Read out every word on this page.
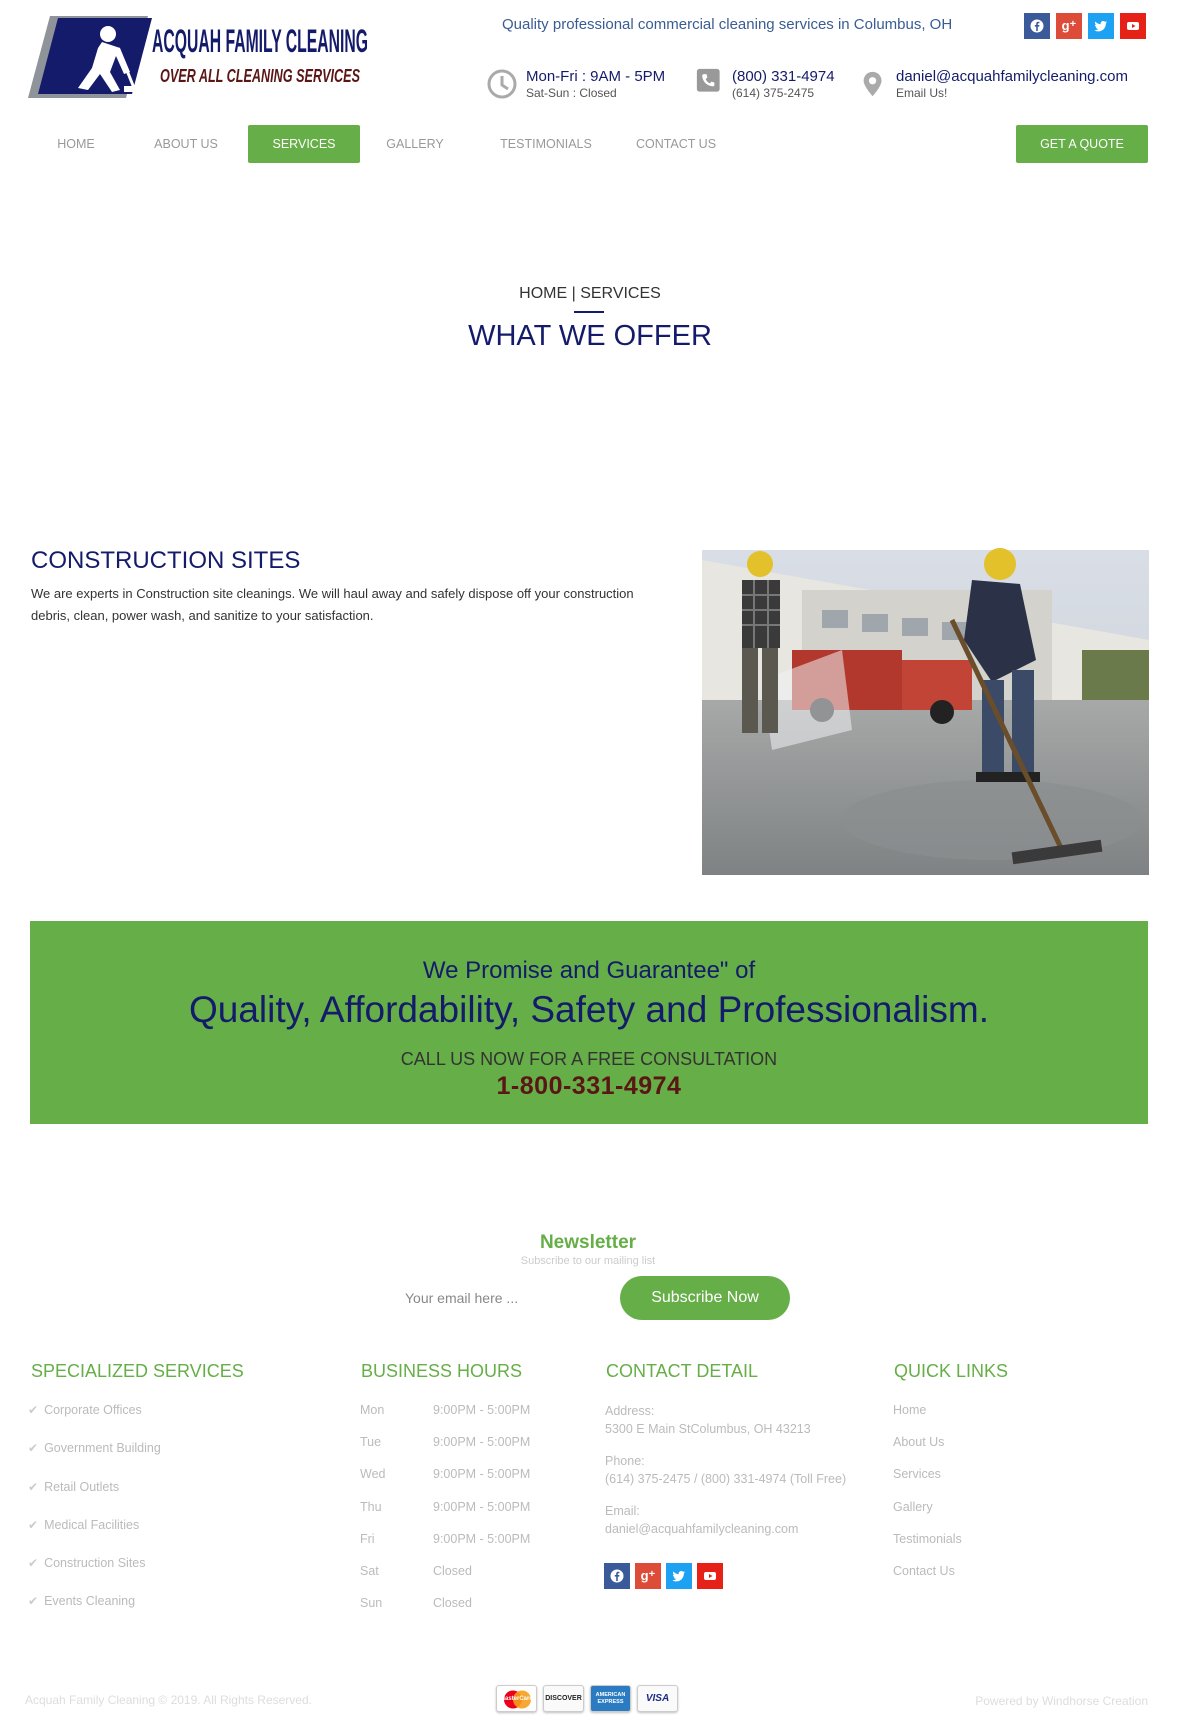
ACQUAH FAMILY CLEANING
OVER ALL CLEANING SERVICES
Quality professional commercial cleaning services in Columbus, OH	g⁺
Mon-Fri : 9AM - 5PM
Sat-Sun : Closed
(800) 331-4974
(614) 375-2475
daniel@acquahfamilycleaning.com
Email Us!
HOME	ABOUT US	SERVICES	GALLERY	TESTIMONIALS	CONTACT US	GET A QUOTE
HOME | SERVICES
WHAT WE OFFER
CONSTRUCTION SITES
We are experts in Construction site cleanings. We will haul away and safely dispose off your construction debris, clean, power wash, and sanitize to your satisfaction.
We Promise and Guarantee" of
Quality, Affordability, Safety and Professionalism.
CALL US NOW FOR A FREE CONSULTATION
1-800-331-4974
Newsletter
Subscribe to our mailing list
Your email here ...
Subscribe Now
SPECIALIZED SERVICES
✔ Corporate Offices
✔ Government Building
✔ Retail Outlets
✔ Medical Facilities
✔ Construction Sites
✔ Events Cleaning
BUSINESS HOURS
Mon	9:00PM - 5:00PM
Tue	9:00PM - 5:00PM
Wed	9:00PM - 5:00PM
Thu	9:00PM - 5:00PM
Fri	9:00PM - 5:00PM
Sat	Closed
Sun	Closed
CONTACT DETAIL
Address:
5300 E Main StColumbus, OH 43213
Phone:
(614) 375-2475 / (800) 331-4974 (Toll Free)
Email:
daniel@acquahfamilycleaning.com
g⁺
QUICK LINKS
Home
About Us
Services
Gallery
Testimonials
Contact Us
Acquah Family Cleaning © 2019. All Rights Reserved.	MasterCard	DISCOVER
AMERICAN EXPRESS	VISA	Powered by Windhorse Creation
